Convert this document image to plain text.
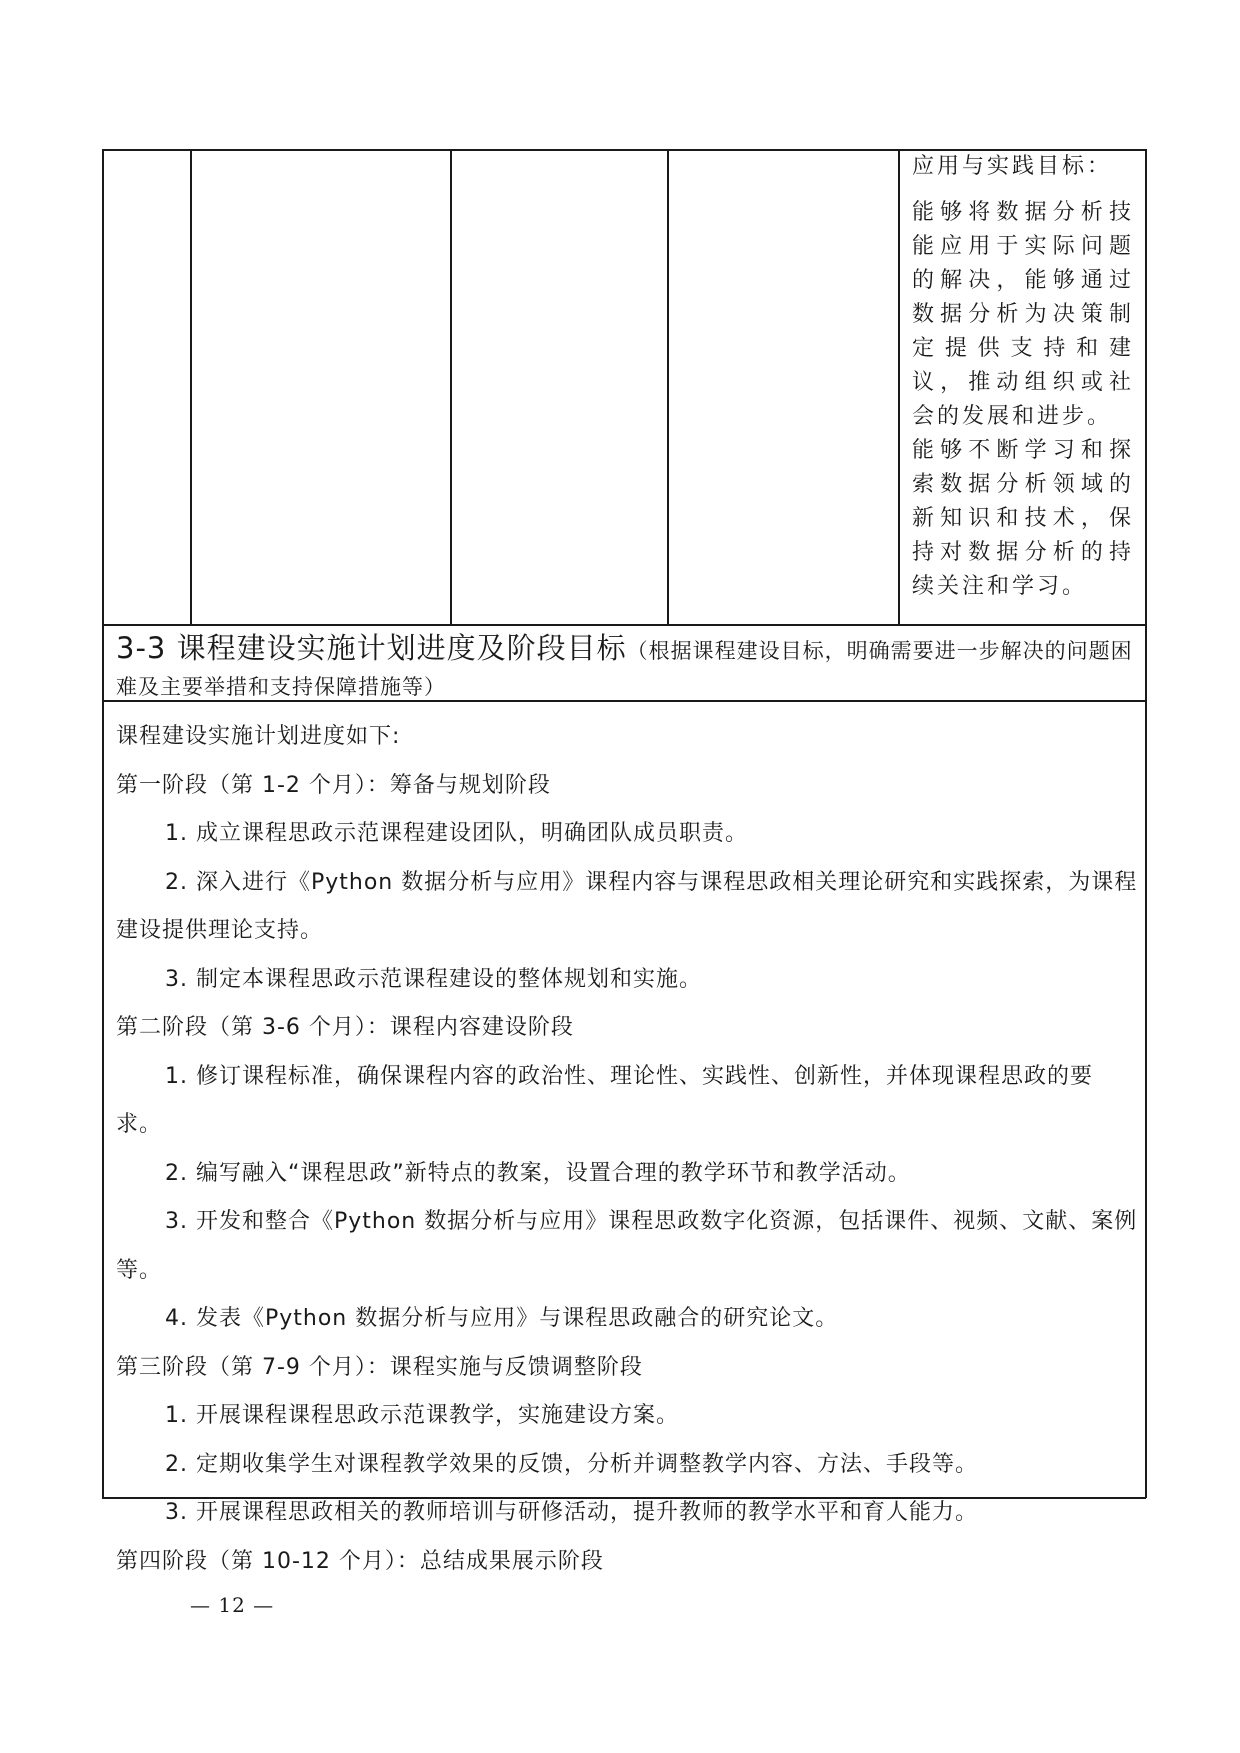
应用与实践目标：

能够将数据分析技能应用于实际问题的解决，能够通过数据分析为决策制定提供支持和建议，推动组织或社会的发展和进步。

能够不断学习和探索数据分析领域的新知识和技术，保持对数据分析的持续关注和学习。

3-3 课程建设实施计划进度及阶段目标（根据课程建设目标，明确需要进一步解决的问题困难及主要举措和支持保障措施等）

课程建设实施计划进度如下:

第一阶段（第 1-2 个月）：筹备与规划阶段

1. 成立课程思政示范课程建设团队，明确团队成员职责。

2. 深入进行《Python 数据分析与应用》课程内容与课程思政相关理论研究和实践探索，为课程建设提供理论支持。

3. 制定本课程思政示范课程建设的整体规划和实施。

第二阶段（第 3-6 个月）：课程内容建设阶段

1. 修订课程标准，确保课程内容的政治性、理论性、实践性、创新性，并体现课程思政的要求。

2. 编写融入“课程思政”新特点的教案，设置合理的教学环节和教学活动。

3. 开发和整合《Python 数据分析与应用》课程思政数字化资源，包括课件、视频、文献、案例等。

4. 发表《Python 数据分析与应用》与课程思政融合的研究论文。

第三阶段（第 7-9 个月）：课程实施与反馈调整阶段

1. 开展课程课程思政示范课教学，实施建设方案。

2. 定期收集学生对课程教学效果的反馈，分析并调整教学内容、方法、手段等。

3. 开展课程思政相关的教师培训与研修活动，提升教师的教学水平和育人能力。

第四阶段（第 10-12 个月）：总结成果展示阶段

— 12 —
